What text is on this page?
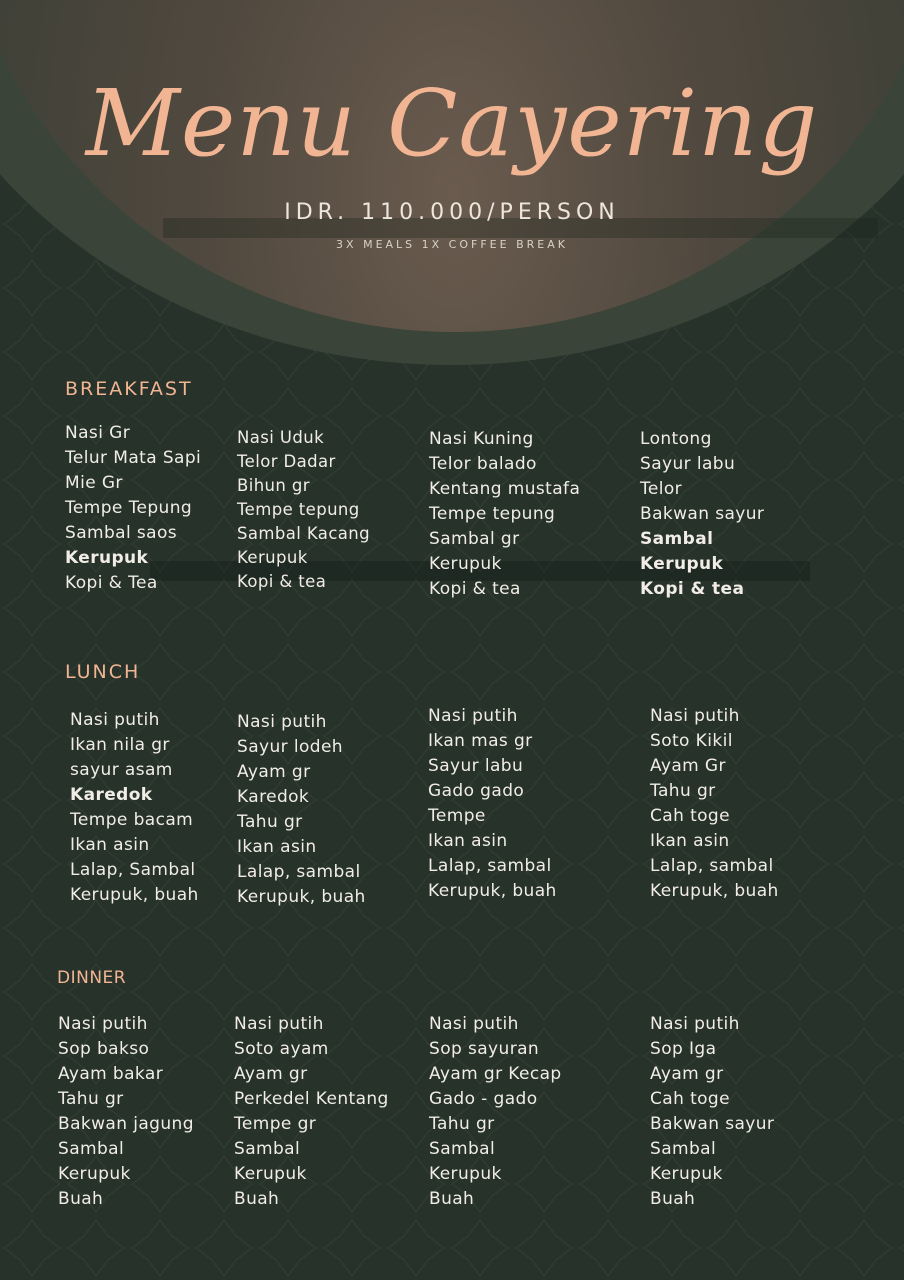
Menu Cayering
IDR. 110.000/PERSON
3X MEALS 1X COFFEE BREAK
BREAKFAST
Nasi Gr
Telur Mata Sapi
Mie Gr
Tempe Tepung
Sambal saos
Kerupuk
Kopi & Tea
Nasi Uduk
Telor Dadar
Bihun gr
Tempe tepung
Sambal Kacang
Kerupuk
Kopi & tea
Nasi Kuning
Telor balado
Kentang mustafa
Tempe tepung
Sambal gr
Kerupuk
Kopi & tea
Lontong
Sayur labu
Telor
Bakwan sayur
Sambal
Kerupuk
Kopi & tea
LUNCH
Nasi putih
Ikan nila gr
sayur asam
Karedok
Tempe bacam
Ikan asin
Lalap, Sambal
Kerupuk, buah
Nasi putih
Sayur lodeh
Ayam gr
Karedok
Tahu gr
Ikan asin
Lalap, sambal
Kerupuk, buah
Nasi putih
Ikan mas gr
Sayur labu
Gado gado
Tempe
Ikan asin
Lalap, sambal
Kerupuk, buah
Nasi putih
Soto Kikil
Ayam Gr
Tahu gr
Cah toge
Ikan asin
Lalap, sambal
Kerupuk, buah
DINNER
Nasi putih
Sop bakso
Ayam bakar
Tahu gr
Bakwan jagung
Sambal
Kerupuk
Buah
Nasi putih
Soto ayam
Ayam gr
Perkedel Kentang
Tempe gr
Sambal
Kerupuk
Buah
Nasi putih
Sop sayuran
Ayam gr Kecap
Gado - gado
Tahu gr
Sambal
Kerupuk
Buah
Nasi putih
Sop Iga
Ayam gr
Cah toge
Bakwan sayur
Sambal
Kerupuk
Buah
